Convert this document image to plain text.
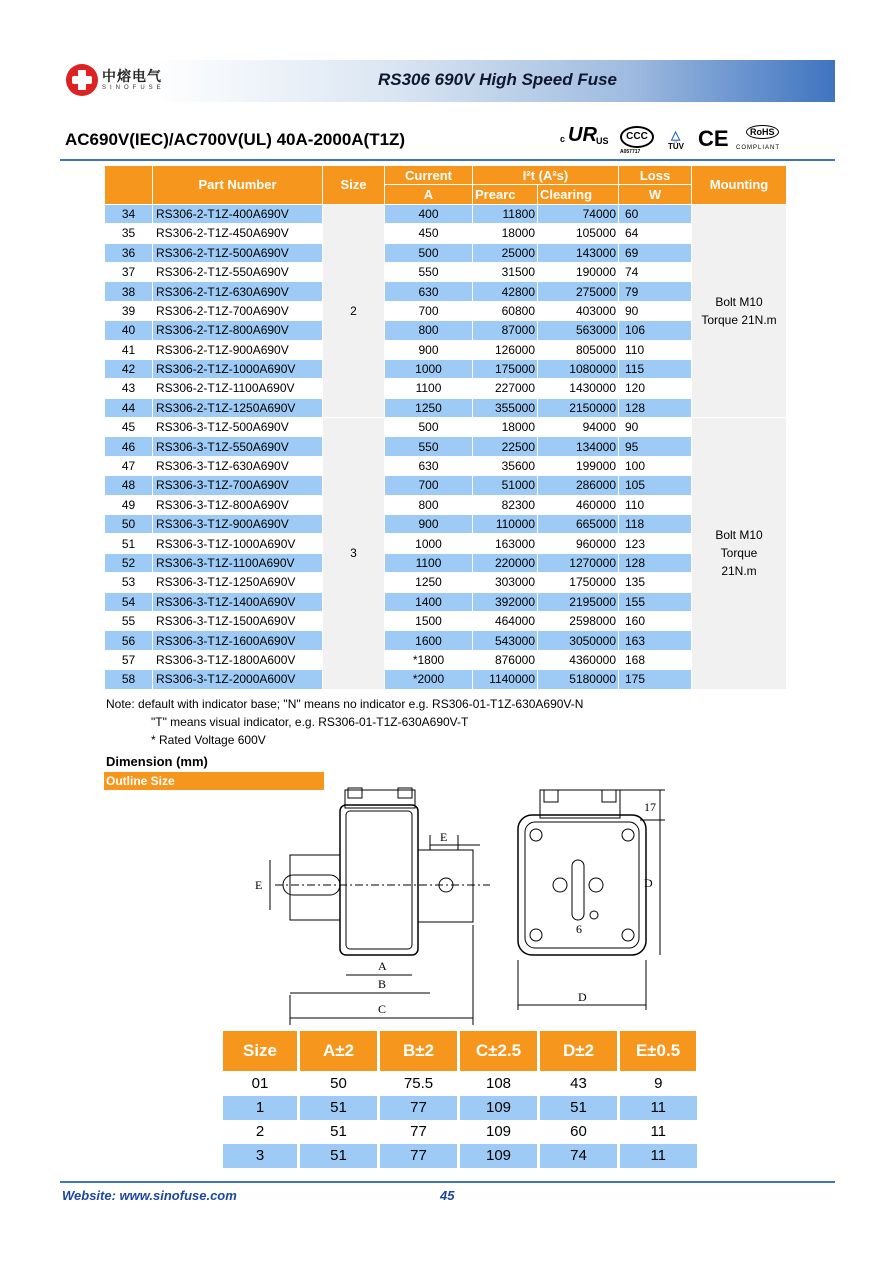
中熔电气
SINOFUSE	RS306 690V High Speed Fuse
AC690V(IEC)/AC700V(UL) 40A-2000A(T1Z)	c UR US	CCC
A057717
TÜV
△ CE	RoHS
COMPLIANT
	Part Number	Size	Current	I²t (A²s)		Loss	Mounting
			A	Prearc	Clearing	W	
34	RS306-2-T1Z-400A690V	2	400	11800	74000	60	Bolt M10
Torque 21N.m

35	RS306-2-T1Z-450A690V		450	18000	105000	64	
36	RS306-2-T1Z-500A690V		500	25000	143000	69	
37	RS306-2-T1Z-550A690V		550	31500	190000	74	
38	RS306-2-T1Z-630A690V		630	42800	275000	79	
39	RS306-2-T1Z-700A690V		700	60800	403000	90	
40	RS306-2-T1Z-800A690V		800	87000	563000	106	
41	RS306-2-T1Z-900A690V		900	126000	805000	110	
42	RS306-2-T1Z-1000A690V		1000	175000	1080000	115	
43	RS306-2-T1Z-1100A690V		1100	227000	1430000	120	
44	RS306-2-T1Z-1250A690V		1250	355000	2150000	128	
45	RS306-3-T1Z-500A690V	3	500	18000	94000	90	Bolt M10
Torque
21N.m

46	RS306-3-T1Z-550A690V		550	22500	134000	95	
47	RS306-3-T1Z-630A690V		630	35600	199000	100	
48	RS306-3-T1Z-700A690V		700	51000	286000	105	
49	RS306-3-T1Z-800A690V		800	82300	460000	110	
50	RS306-3-T1Z-900A690V		900	110000	665000	118	
51	RS306-3-T1Z-1000A690V		1000	163000	960000	123	
52	RS306-3-T1Z-1100A690V		1100	220000	1270000	128	
53	RS306-3-T1Z-1250A690V		1250	303000	1750000	135	
54	RS306-3-T1Z-1400A690V		1400	392000	2195000	155	
55	RS306-3-T1Z-1500A690V		1500	464000	2598000	160	
56	RS306-3-T1Z-1600A690V		1600	543000	3050000	163	
57	RS306-3-T1Z-1800A600V		*1800	876000	4360000	168	
58	RS306-3-T1Z-2000A600V		*2000	1140000	5180000	175	
Note: default with indicator base; "N" means no indicator e.g. RS306-01-T1Z-630A690V-N
"T" means visual indicator, e.g. RS306-01-T1Z-630A690V-T
* Rated Voltage 600V
Dimension (mm)
Outline Size
A
B
C
D
E
E
6
D
17
Size	A±2	B±2	C±2.5	D±2	E±0.5
01	50	75.5	108	43	9
1	51	77	109	51	11
2	51	77	109	60	11
3	51	77	109	74	11
Website: www.sinofuse.com	45
